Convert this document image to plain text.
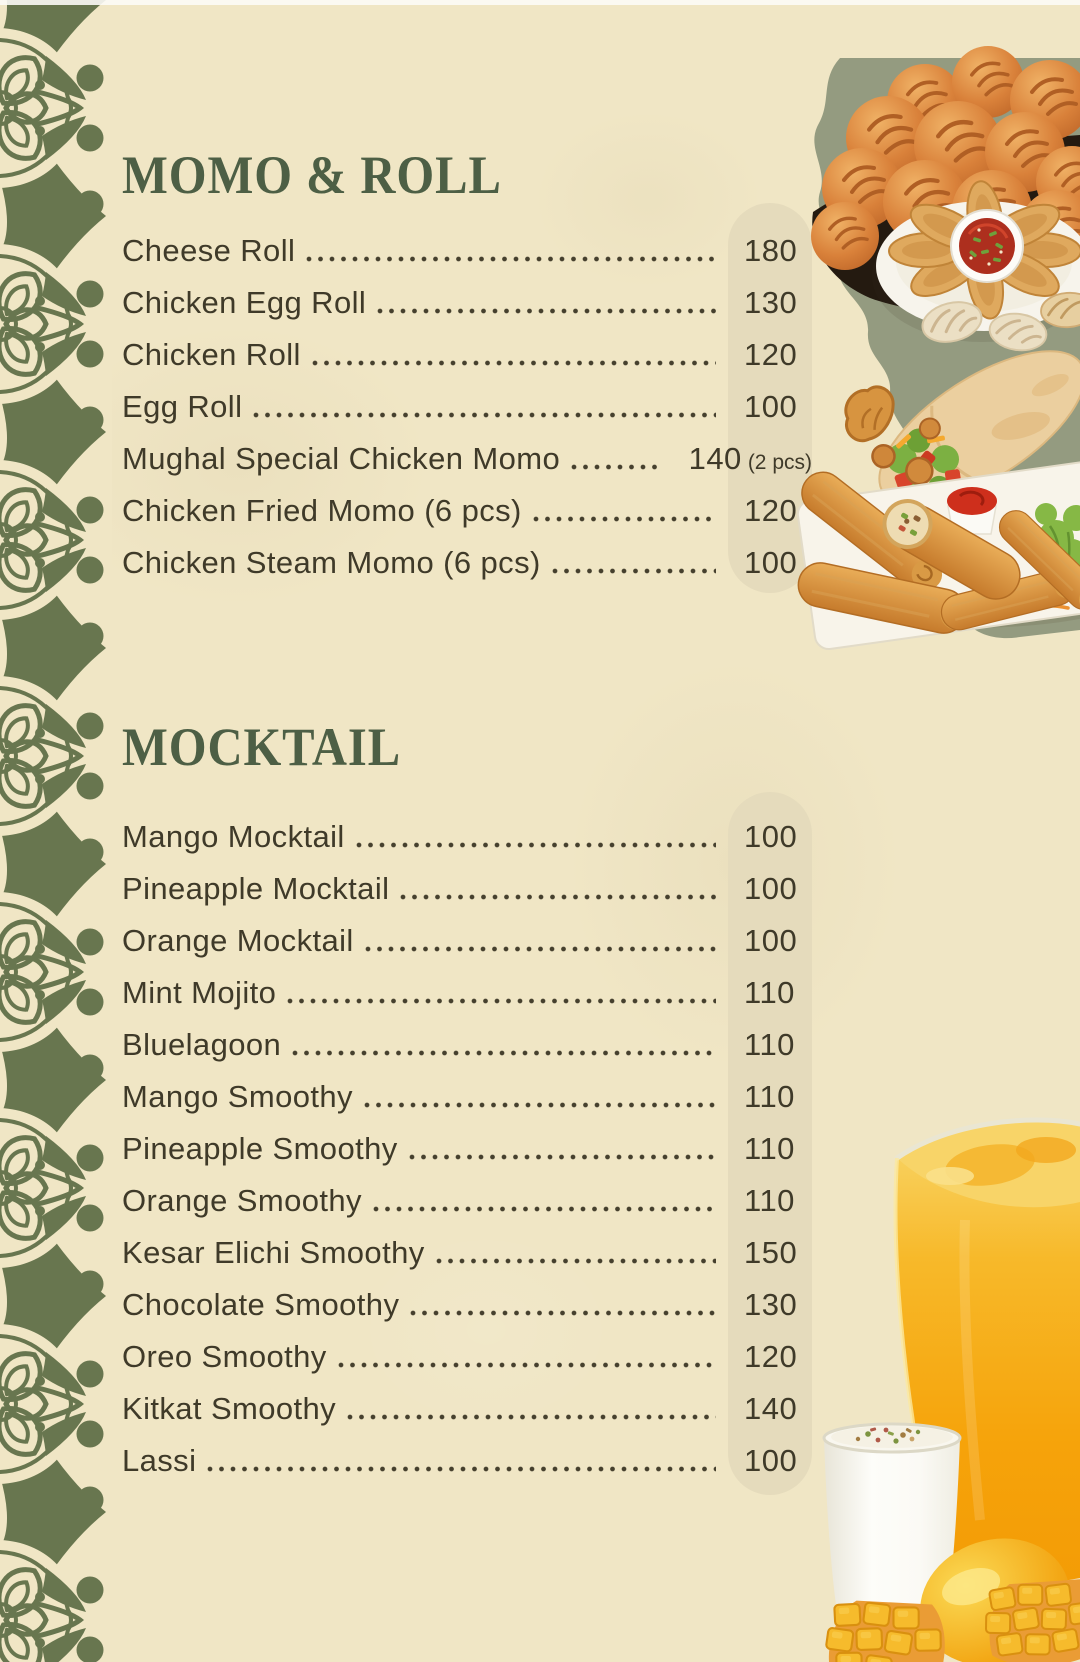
MOMO & ROLL
MOCKTAIL
Cheese Roll	180
Chicken Egg Roll	130
Chicken Roll	120
Egg Roll	100
Mughal Special Chicken Momo	140 (2 pcs)
Chicken Fried Momo (6 pcs)	120
Chicken Steam Momo (6 pcs)	100
Mango Mocktail	100
Pineapple Mocktail	100
Orange Mocktail	100
Mint Mojito	110
Bluelagoon	110
Mango Smoothy	110
Pineapple Smoothy	110
Orange Smoothy	110
Kesar Elichi Smoothy	150
Chocolate Smoothy	130
Oreo Smoothy	120
Kitkat Smoothy	140
Lassi	100
